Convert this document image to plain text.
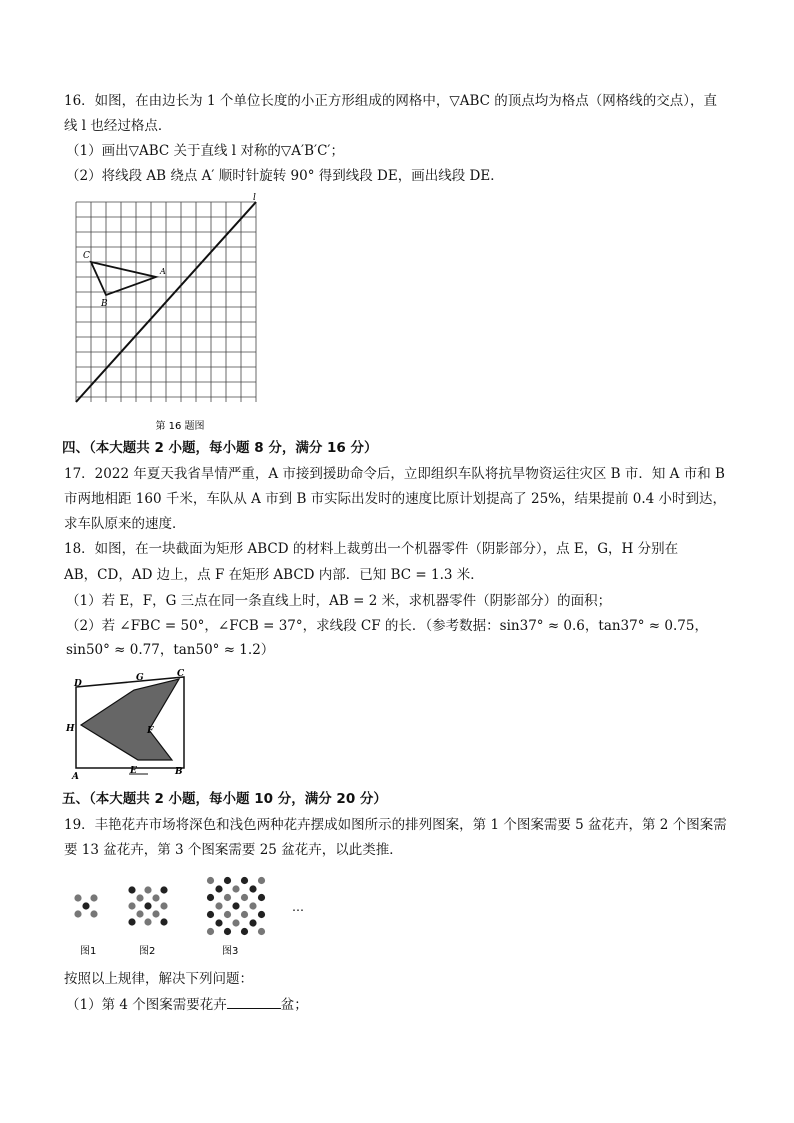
16．如图，在由边长为 1 个单位长度的小正方形组成的网格中，▽ABC 的顶点均为格点（网格线的交点），直
线 l 也经过格点．
（1）画出▽ABC 关于直线 l 对称的▽A′B′C′；
（2）将线段 AB 绕点 A′ 顺时针旋转 90° 得到线段 DE，画出线段 DE．
l
C
A
B
第 16 题图
四、（本大题共 2 小题，每小题 8 分，满分 16 分）
17．2022 年夏天我省旱情严重，A 市接到援助命令后，立即组织车队将抗旱物资运往灾区 B 市．知 A 市和 B
市两地相距 160 千米，车队从 A 市到 B 市实际出发时的速度比原计划提高了 25%，结果提前 0.4 小时到达，
求车队原来的速度．
18．如图，在一块截面为矩形 ABCD 的材料上裁剪出一个机器零件（阴影部分），点 E，G，H 分别在
AB，CD，AD 边上，点 F 在矩形 ABCD 内部．已知 BC = 1.3 米．
（1）若 E，F，G 三点在同一条直线上时，AB = 2 米，求机器零件（阴影部分）的面积；
（2）若 ∠FBC = 50°，∠FCB = 37°，求线段 CF 的长．（参考数据：sin37° ≈ 0.6，tan37° ≈ 0.75，
sin50° ≈ 0.77，tan50° ≈ 1.2）
D
G	C
H	F
A
E	B
五、（本大题共 2 小题，每小题 10 分，满分 20 分）
19．丰艳花卉市场将深色和浅色两种花卉摆成如图所示的排列图案，第 1 个图案需要 5 盆花卉，第 2 个图案需
要 13 盆花卉，第 3 个图案需要 25 盆花卉，以此类推．
…
图1	图2	图3
按照以上规律，解决下列问题：
（1）第 4 个图案需要花卉	盆；
